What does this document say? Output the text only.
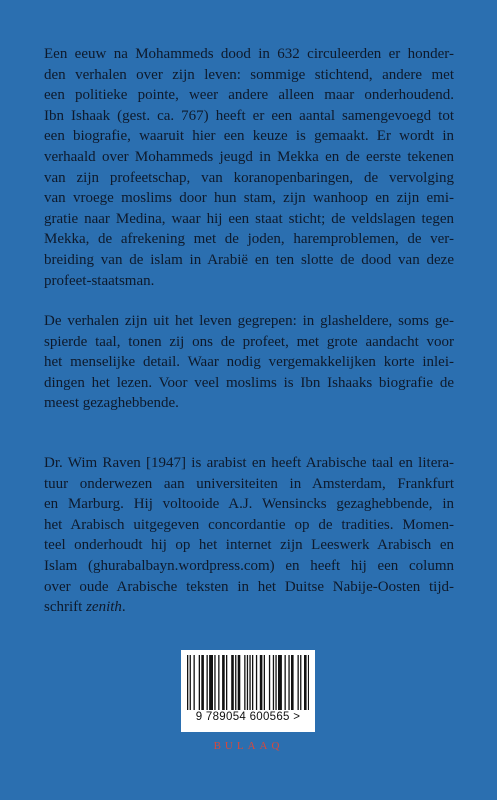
Een eeuw na Mohammeds dood in 632 circuleerden er honder-
den verhalen over zijn leven: sommige stichtend, andere met
een politieke pointe, weer andere alleen maar onderhoudend.
Ibn Ishaak (gest. ca. 767) heeft er een aantal samengevoegd tot
een biografie, waaruit hier een keuze is gemaakt. Er wordt in
verhaald over Mohammeds jeugd in Mekka en de eerste tekenen
van zijn profeetschap, van koranopenbaringen, de vervolging
van vroege moslims door hun stam, zijn wanhoop en zijn emi-
gratie naar Medina, waar hij een staat sticht; de veldslagen tegen
Mekka, de afrekening met de joden, haremproblemen, de ver-
breiding van de islam in Arabië en ten slotte de dood van deze
profeet-staatsman.
De verhalen zijn uit het leven gegrepen: in glasheldere, soms ge-
spierde taal, tonen zij ons de profeet, met grote aandacht voor
het menselijke detail. Waar nodig vergemakkelijken korte inlei-
dingen het lezen. Voor veel moslims is Ibn Ishaaks biografie de
meest gezaghebbende.
Dr. Wim Raven [1947] is arabist en heeft Arabische taal en litera-
tuur onderwezen aan universiteiten in Amsterdam, Frankfurt
en Marburg. Hij voltooide A.J. Wensincks gezaghebbende, in
het Arabisch uitgegeven concordantie op de tradities. Momen-
teel onderhoudt hij op het internet zijn Leeswerk Arabisch en
Islam (ghurabalbayn.wordpress.com) en heeft hij een column
over oude Arabische teksten in het Duitse Nabije-Oosten tijd-
schrift zenith.
9 789054 600565 >
BULAAQ
